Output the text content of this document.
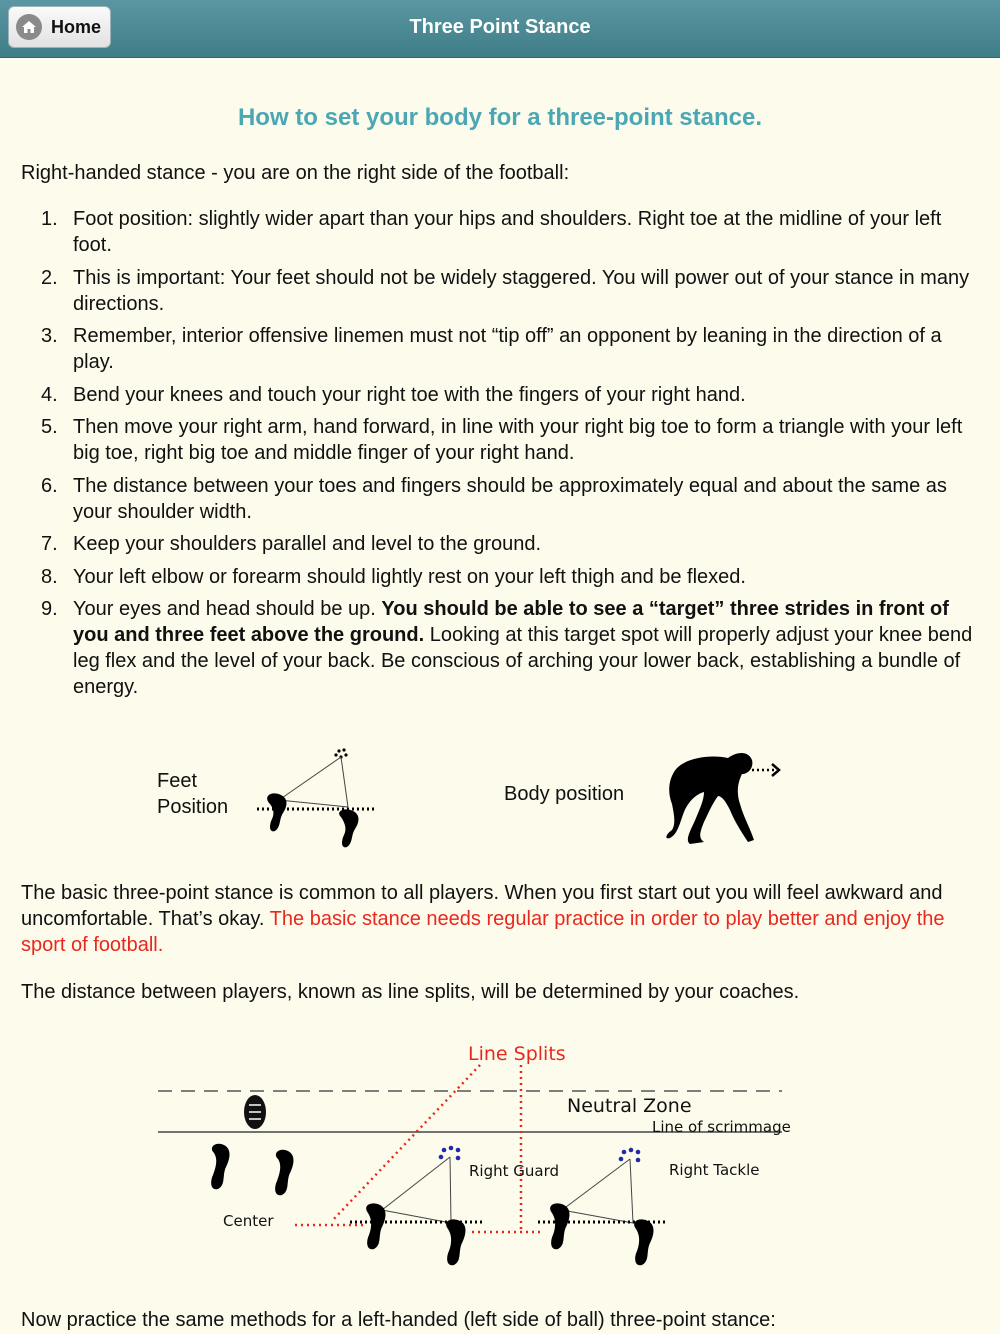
Home	Three Point Stance
How to set your body for a three-point stance.
Right-handed stance - you are on the right side of the football:
1. Foot position: slightly wider apart than your hips and shoulders. Right toe at the midline of your left foot.
2. This is important: Your feet should not be widely staggered. You will power out of your stance in many directions.
3. Remember, interior offensive linemen must not “tip off” an opponent by leaning in the direction of a play.
4. Bend your knees and touch your right toe with the fingers of your right hand.
5. Then move your right arm, hand forward, in line with your right big toe to form a triangle with your left big toe, right big toe and middle finger of your right hand.
6. The distance between your toes and fingers should be approximately equal and about the same as your shoulder width.
7. Keep your shoulders parallel and level to the ground.
8. Your left elbow or forearm should lightly rest on your left thigh and be flexed.
9. Your eyes and head should be up. You should be able to see a “target” three strides in front of you and three feet above the ground. Looking at this target spot will properly adjust your knee bend leg flex and the level of your back. Be conscious of arching your lower back, establishing a bundle of energy.
Feet
Position
Body position
The basic three-point stance is common to all players. When you first start out you will feel awkward and uncomfortable. That’s okay. The basic stance needs regular practice in order to play better and enjoy the sport of football.
The distance between players, known as line splits, will be determined by your coaches.
Line Splits
Neutral Zone
Line of scrimmage
Center
Right Guard	Right Tackle
Now practice the same methods for a left-handed (left side of ball) three-point stance:
